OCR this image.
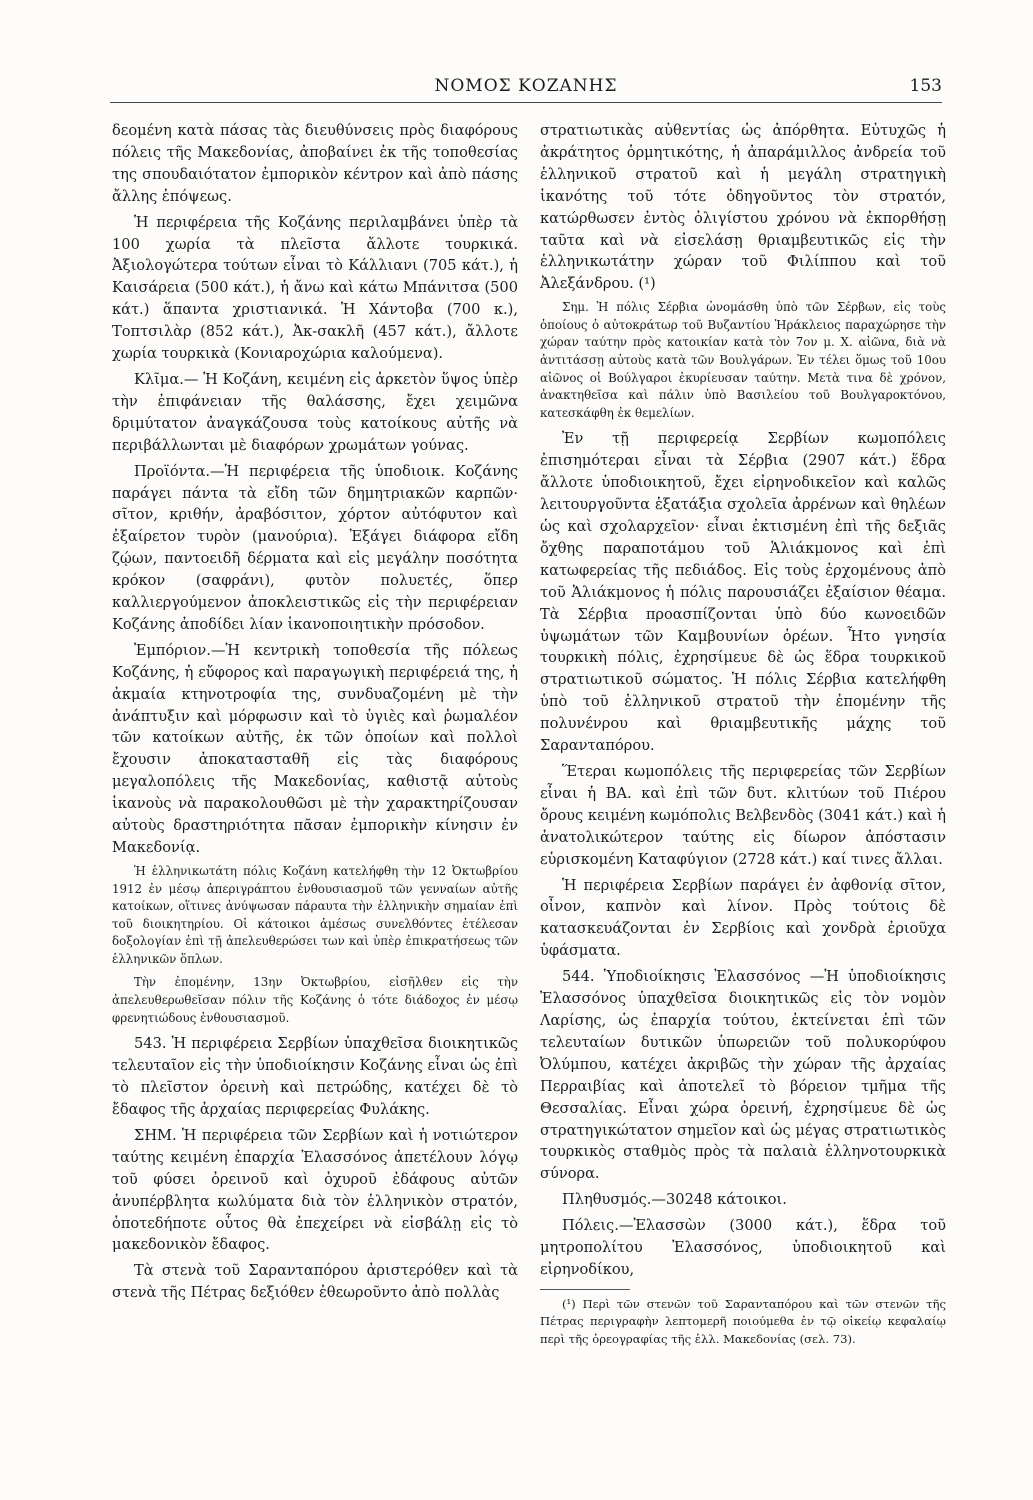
ΝΟΜΟΣ ΚΟΖΑΝΗΣ	153

δεομένη κατὰ πάσας τὰς διευθύνσεις πρὸς διαφόρους πόλεις τῆς Μακεδονίας, ἀποβαίνει ἐκ τῆς τοποθεσίας της σπουδαιότατον ἐμπορικὸν κέντρον καὶ ἀπὸ πάσης ἄλλης ἐπόψεως.

Ἡ περιφέρεια τῆς Κοζάνης περιλαμβάνει ὑπὲρ τὰ 100 χωρία τὰ πλεῖστα ἄλλοτε τουρκικά. Ἀξιολογώτερα τούτων εἶναι τὸ Κάλλιανι (705 κάτ.), ἡ Καισάρεια (500 κάτ.), ἡ ἄνω καὶ κάτω Μπάνιτσα (500 κάτ.) ἅπαντα χριστιανικά. Ἡ Χάντοβα (700 κ.), Τοπτσιλὰρ (852 κάτ.), Ἀκ-σακλῆ (457 κάτ.), ἄλλοτε χωρία τουρκικὰ (Κονιαροχώρια καλούμενα).

Κλῖμα.— Ἡ Κοζάνη, κειμένη εἰς ἀρκετὸν ὕψος ὑπὲρ τὴν ἐπιφάνειαν τῆς θαλάσσης, ἔχει χειμῶνα δριμύτατον ἀναγκάζουσα τοὺς κατοίκους αὐτῆς νὰ περιβάλλωνται μὲ διαφόρων χρωμάτων γούνας.

Προϊόντα.—Ἡ περιφέρεια τῆς ὑποδιοικ. Κοζάνης παράγει πάντα τὰ εἴδη τῶν δημητριακῶν καρπῶν· σῖτον, κριθήν, ἀραβόσιτον, χόρτον αὐτόφυτον καὶ ἐξαίρετον τυρὸν (μανούρια). Ἐξάγει διάφορα εἴδη ζῴων, παντοειδῆ δέρματα καὶ εἰς μεγάλην ποσότητα κρόκον (σαφράνι), φυτὸν πολυετές, ὅπερ καλλιεργούμενον ἀποκλειστικῶς εἰς τὴν περιφέρειαν Κοζάνης ἀποδίδει λίαν ἱκανοποιητικὴν πρόσοδον.

Ἐμπόριον.—Ἡ κεντρικὴ τοποθεσία τῆς πόλεως Κοζάνης, ἡ εὔφορος καὶ παραγωγικὴ περιφέρειά της, ἡ ἀκμαία κτηνοτροφία της, συνδυαζομένη μὲ τὴν ἀνάπτυξιν καὶ μόρφωσιν καὶ τὸ ὑγιὲς καὶ ῥωμαλέον τῶν κατοίκων αὐτῆς, ἐκ τῶν ὁποίων καὶ πολλοὶ ἔχουσιν ἀποκατασταθῆ εἰς τὰς διαφόρους μεγαλοπόλεις τῆς Μακεδονίας, καθιστᾷ αὐτοὺς ἱκανοὺς νὰ παρακολουθῶσι μὲ τὴν χαρακτηρίζουσαν αὐτοὺς δραστηριότητα πᾶσαν ἐμπορικὴν κίνησιν ἐν Μακεδονίᾳ.

Ἡ ἑλληνικωτάτη πόλις Κοζάνη κατελήφθη τὴν 12 Ὀκτωβρίου 1912 ἐν μέσῳ ἀπεριγράπτου ἐνθουσιασμοῦ τῶν γενναίων αὐτῆς κατοίκων, οἵτινες ἀνύψωσαν πάραυτα τὴν ἑλληνικὴν σημαίαν ἐπὶ τοῦ διοικητηρίου. Οἱ κάτοικοι ἀμέσως συνελθόντες ἐτέλεσαν δοξολογίαν ἐπὶ τῇ ἀπελευθερώσει των καὶ ὑπὲρ ἐπικρατήσεως τῶν ἑλληνικῶν ὅπλων.

Τὴν ἐπομένην, 13ην Ὀκτωβρίου, εἰσῆλθεν εἰς τὴν ἀπελευθερωθεῖσαν πόλιν τῆς Κοζάνης ὁ τότε διάδοχος ἐν μέσῳ φρενητιώδους ἐνθουσιασμοῦ.

543. Ἡ περιφέρεια Σερβίων ὑπαχθεῖσα διοικητικῶς τελευταῖον εἰς τὴν ὑποδιοίκησιν Κοζάνης εἶναι ὡς ἐπὶ τὸ πλεῖστον ὀρεινὴ καὶ πετρώδης, κατέχει δὲ τὸ ἔδαφος τῆς ἀρχαίας περιφερείας Φυλάκης.

ΣΗΜ. Ἡ περιφέρεια τῶν Σερβίων καὶ ἡ νοτιώτερον ταύτης κειμένη ἐπαρχία Ἐλασσόνος ἀπετέλουν λόγῳ τοῦ φύσει ὀρεινοῦ καὶ ὀχυροῦ ἐδάφους αὐτῶν ἀνυπέρβλητα κωλύματα διὰ τὸν ἑλληνικὸν στρατόν, ὁποτεδήποτε οὗτος θὰ ἐπεχείρει νὰ εἰσβάλῃ εἰς τὸ μακεδονικὸν ἔδαφος.

Τὰ στενὰ τοῦ Σαρανταπόρου ἀριστερόθεν καὶ τὰ στενὰ τῆς Πέτρας δεξιόθεν ἐθεωροῦντο ἀπὸ πολλὰς

στρατιωτικὰς αὐθεντίας ὡς ἀπόρθητα. Εὐτυχῶς ἡ ἀκράτητος ὁρμητικότης, ἡ ἀπαράμιλλος ἀνδρεία τοῦ ἑλληνικοῦ στρατοῦ καὶ ἡ μεγάλη στρατηγικὴ ἱκανότης τοῦ τότε ὁδηγοῦντος τὸν στρατόν, κατώρθωσεν ἐντὸς ὀλιγίστου χρόνου νὰ ἐκπορθήσῃ ταῦτα καὶ νὰ εἰσελάσῃ θριαμβευτικῶς εἰς τὴν ἑλληνικωτάτην χώραν τοῦ Φιλίππου καὶ τοῦ Ἀλεξάνδρου. (¹)

Σημ. Ἡ πόλις Σέρβια ὠνομάσθη ὑπὸ τῶν Σέρβων, εἰς τοὺς ὁποίους ὁ αὐτοκράτωρ τοῦ Βυζαντίου Ἡράκλειος παραχώρησε τὴν χώραν ταύτην πρὸς κατοικίαν κατὰ τὸν 7ον μ. Χ. αἰῶνα, διὰ νὰ ἀντιτάσσῃ αὐτοὺς κατὰ τῶν Βουλγάρων. Ἐν τέλει ὅμως τοῦ 10ου αἰῶνος οἱ Βούλγαροι ἐκυρίευσαν ταύτην. Μετὰ τινα δὲ χρόνον, ἀνακτηθεῖσα καὶ πάλιν ὑπὸ Βασιλείου τοῦ Βουλγαροκτόνου, κατεσκάφθη ἐκ θεμελίων.

Ἐν τῇ περιφερείᾳ Σερβίων κωμοπόλεις ἐπισημότεραι εἶναι τὰ Σέρβια (2907 κάτ.) ἕδρα ἄλλοτε ὑποδιοικητοῦ, ἔχει εἰρηνοδικεῖον καὶ καλῶς λειτουργοῦντα ἑξατάξια σχολεῖα ἀρρένων καὶ θηλέων ὡς καὶ σχολαρχεῖον· εἶναι ἐκτισμένη ἐπὶ τῆς δεξιᾶς ὄχθης παραποτάμου τοῦ Ἁλιάκμονος καὶ ἐπὶ κατωφερείας τῆς πεδιάδος. Εἰς τοὺς ἐρχομένους ἀπὸ τοῦ Ἁλιάκμονος ἡ πόλις παρουσιάζει ἐξαίσιον θέαμα. Τὰ Σέρβια προασπίζονται ὑπὸ δύο κωνοειδῶν ὑψωμάτων τῶν Καμβουνίων ὀρέων. Ἦτο γνησία τουρκικὴ πόλις, ἐχρησίμευε δὲ ὡς ἕδρα τουρκικοῦ στρατιωτικοῦ σώματος. Ἡ πόλις Σέρβια κατελήφθη ὑπὸ τοῦ ἑλληνικοῦ στρατοῦ τὴν ἐπομένην τῆς πολυνένρου καὶ θριαμβευτικῆς μάχης τοῦ Σαρανταπόρου.

Ἕτεραι κωμοπόλεις τῆς περιφερείας τῶν Σερβίων εἶναι ἡ ΒΑ. καὶ ἐπὶ τῶν δυτ. κλιτύων τοῦ Πιέρου ὄρους κειμένη κωμόπολις Βελβενδὸς (3041 κάτ.) καὶ ἡ ἀνατολικώτερον ταύτης εἰς δίωρον ἀπόστασιν εὑρισκομένη Καταφύγιον (2728 κάτ.) καί τινες ἄλλαι.

Ἡ περιφέρεια Σερβίων παράγει ἐν ἀφθονίᾳ σῖτον, οἶνον, καπνὸν καὶ λίνον. Πρὸς τούτοις δὲ κατασκευάζονται ἐν Σερβίοις καὶ χονδρὰ ἐριοῦχα ὑφάσματα.

544. Ὑποδιοίκησις Ἐλασσόνος —Ἡ ὑποδιοίκησις Ἐλασσόνος ὑπαχθεῖσα διοικητικῶς εἰς τὸν νομὸν Λαρίσης, ὡς ἐπαρχία τούτου, ἐκτείνεται ἐπὶ τῶν τελευταίων δυτικῶν ὑπωρειῶν τοῦ πολυκορύφου Ὀλύμπου, κατέχει ἀκριβῶς τὴν χώραν τῆς ἀρχαίας Περραιβίας καὶ ἀποτελεῖ τὸ βόρειον τμῆμα τῆς Θεσσαλίας. Εἶναι χώρα ὀρεινή, ἐχρησίμευε δὲ ὡς στρατηγικώτατον σημεῖον καὶ ὡς μέγας στρατιωτικὸς τουρκικὸς σταθμὸς πρὸς τὰ παλαιὰ ἑλληνοτουρκικὰ σύνορα.

Πληθυσμός.—30248 κάτοικοι.

Πόλεις.—Ἐλασσὼν (3000 κάτ.), ἕδρα τοῦ μητροπολίτου Ἐλασσόνος, ὑποδιοικητοῦ καὶ εἰρηνοδίκου,

(¹) Περὶ τῶν στενῶν τοῦ Σαρανταπόρου καὶ τῶν στενῶν τῆς Πέτρας περιγραφὴν λεπτομερῆ ποιούμεθα ἐν τῷ οἰκείῳ κεφαλαίῳ περὶ τῆς ὀρεογραφίας τῆς ἑλλ. Μακεδονίας (σελ. 73).
